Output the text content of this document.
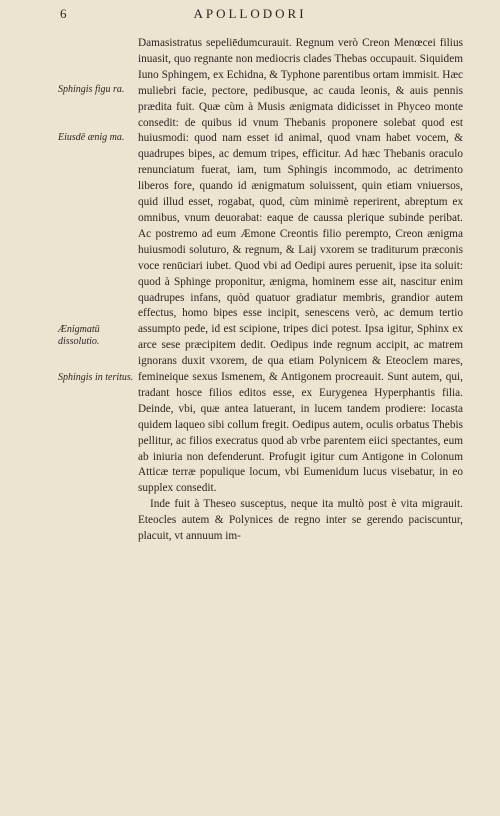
6	APOLLODORI
Sphingis figu ra.
Eiusdē ænig ma.
Ænigmatū dissolutio.
Sphingis in teritus.

Damasistratus sepeliēdumcurauit. Regnum verò Creon Menœcei filius inuasit, quo regnante non mediocris clades Thebas occupauit. Siquidem Iuno Sphingem, ex Echidna, & Typhone parentibus ortam immisit. Hæc muliebri facie, pectore, pedibusque, ac cauda leonis, & auis pennis prædita fuit. Quæ cùm à Musis ænigmata didicisset in Phyceo monte consedit: de quibus id vnum Thebanis proponere solebat quod est huiusmodi: quod nam esset id animal, quod vnam habet vocem, & quadrupes bipes, ac demum tripes, efficitur. Ad hæc Thebanis oraculo renunciatum fuerat, iam, tum Sphingis incommodo, ac detrimento liberos fore, quando id ænigmatum soluissent, quin etiam vniuersos, quid illud esset, rogabat, quod, cùm minimè reperirent, abreptum ex omnibus, vnum deuorabat: eaque de caussa plerique subinde peribat. Ac postremo ad eum Æmone Creontis filio perempto, Creon ænigma huiusmodi soluturo, & regnum, & Laij vxorem se traditurum præconis voce renūciari iubet. Quod vbi ad Oedipi aures peruenit, ipse ita soluit: quod à Sphinge proponitur, ænigma, hominem esse ait, nascitur enim quadrupes infans, quòd quatuor gradiatur membris, grandior autem effectus, homo bipes esse incipit, senescens verò, ac demum tertio assumpto pede, id est scipione, tripes dici potest. Ipsa igitur, Sphinx ex arce sese præcipitem dedit. Oedipus inde regnum accipit, ac matrem ignorans duxit vxorem, de qua etiam Polynicem & Eteoclem mares, femineique sexus Ismenem, & Antigonem procreauit. Sunt autem, qui, tradant hosce filios editos esse, ex Eurygenea Hyperphantis filia. Deinde, vbi, quæ antea latuerant, in lucem tandem prodiere: Iocasta quidem laqueo sibi collum fregit. Oedipus autem, oculis orbatus Thebis pellitur, ac filios execratus quod ab vrbe parentem eiici spectantes, eum ab iniuria non defenderunt. Profugit igitur cum Antigone in Colonum Atticæ terræ populique locum, vbi Eumenidum lucus visebatur, in eo supplex consedit.

Inde fuit à Theseo susceptus, neque ita multò post è vita migrauit. Eteocles autem & Polynices de regno inter se gerendo paciscuntur, placuit, vt annuum im-
